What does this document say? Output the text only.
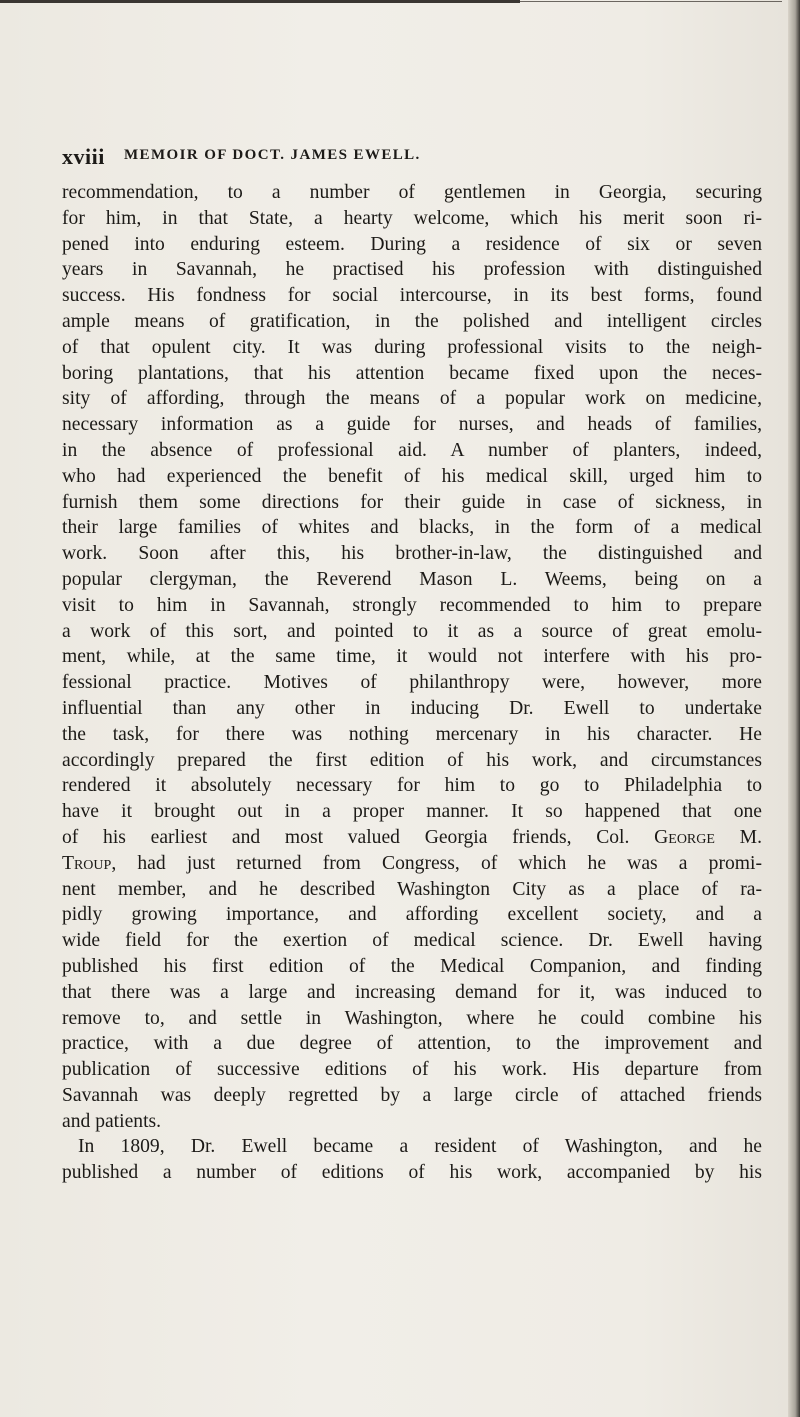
xviii MEMOIR OF DOCT. JAMES EWELL.
recommendation, to a number of gentlemen in Georgia, securing
for him, in that State, a hearty welcome, which his merit soon ri-
pened into enduring esteem. During a residence of six or seven
years in Savannah, he practised his profession with distinguished
success. His fondness for social intercourse, in its best forms, found
ample means of gratification, in the polished and intelligent circles
of that opulent city. It was during professional visits to the neigh-
boring plantations, that his attention became fixed upon the neces-
sity of affording, through the means of a popular work on medicine,
necessary information as a guide for nurses, and heads of families,
in the absence of professional aid. A number of planters, indeed,
who had experienced the benefit of his medical skill, urged him to
furnish them some directions for their guide in case of sickness, in
their large families of whites and blacks, in the form of a medical
work. Soon after this, his brother-in-law, the distinguished and
popular clergyman, the Reverend Mason L. Weems, being on a
visit to him in Savannah, strongly recommended to him to prepare
a work of this sort, and pointed to it as a source of great emolu-
ment, while, at the same time, it would not interfere with his pro-
fessional practice. Motives of philanthropy were, however, more
influential than any other in inducing Dr. Ewell to undertake
the task, for there was nothing mercenary in his character. He
accordingly prepared the first edition of his work, and circumstances
rendered it absolutely necessary for him to go to Philadelphia to
have it brought out in a proper manner. It so happened that one
of his earliest and most valued Georgia friends, Col. George M.
Troup, had just returned from Congress, of which he was a promi-
nent member, and he described Washington City as a place of ra-
pidly growing importance, and affording excellent society, and a
wide field for the exertion of medical science. Dr. Ewell having
published his first edition of the Medical Companion, and finding
that there was a large and increasing demand for it, was induced to
remove to, and settle in Washington, where he could combine his
practice, with a due degree of attention, to the improvement and
publication of successive editions of his work. His departure from
Savannah was deeply regretted by a large circle of attached friends
and patients.
In 1809, Dr. Ewell became a resident of Washington, and he
published a number of editions of his work, accompanied by his
